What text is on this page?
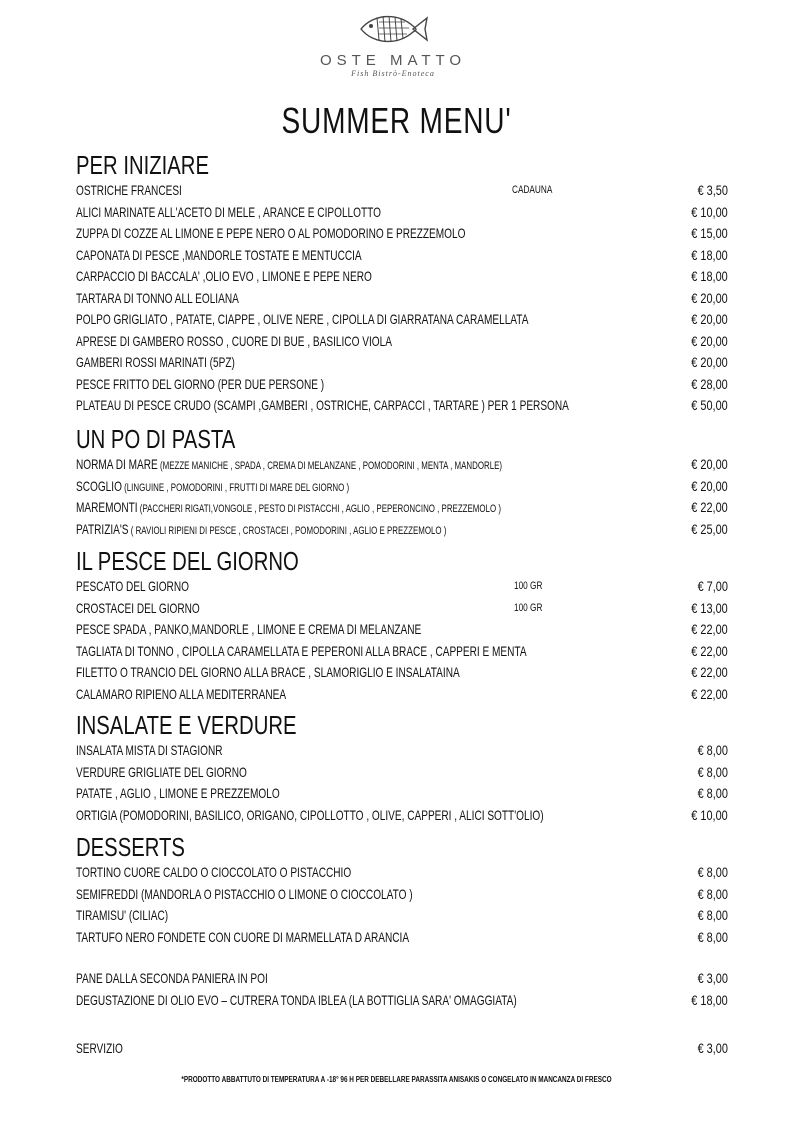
OSTE MATTO
Fish Bistrò-Enoteca
SUMMER MENU'
PER INIZIARE
OSTRICHE FRANCESI	CADAUNA	€ 3,50
ALICI MARINATE ALL'ACETO DI MELE , ARANCE E CIPOLLOTTO	€ 10,00
ZUPPA DI COZZE AL LIMONE E PEPE NERO O AL POMODORINO E PREZZEMOLO	€ 15,00
CAPONATA DI PESCE ,MANDORLE TOSTATE E MENTUCCIA	€ 18,00
CARPACCIO DI BACCALA' ,OLIO EVO , LIMONE E PEPE NERO	€ 18,00
TARTARA DI TONNO ALL EOLIANA	€ 20,00
POLPO GRIGLIATO , PATATE, CIAPPE , OLIVE NERE , CIPOLLA DI GIARRATANA CARAMELLATA	€ 20,00
APRESE DI GAMBERO ROSSO , CUORE DI BUE , BASILICO VIOLA	€ 20,00
GAMBERI ROSSI MARINATI (5PZ)	€ 20,00
PESCE FRITTO DEL GIORNO (PER DUE PERSONE )	€ 28,00
PLATEAU DI PESCE CRUDO (SCAMPI ,GAMBERI , OSTRICHE, CARPACCI , TARTARE ) PER 1 PERSONA	€ 50,00
UN PO DI PASTA
NORMA DI MARE (MEZZE MANICHE , SPADA , CREMA DI MELANZANE , POMODORINI , MENTA , MANDORLE)	€ 20,00
SCOGLIO (LINGUINE , POMODORINI , FRUTTI DI MARE DEL GIORNO )	€ 20,00
MAREMONTI (PACCHERI RIGATI,VONGOLE , PESTO DI PISTACCHI , AGLIO , PEPERONCINO , PREZZEMOLO )	€ 22,00
PATRIZIA'S ( RAVIOLI RIPIENI DI PESCE , CROSTACEI , POMODORINI , AGLIO E PREZZEMOLO )	€ 25,00
IL PESCE DEL GIORNO
PESCATO DEL GIORNO	100 GR	€ 7,00
CROSTACEI DEL GIORNO	100 GR	€ 13,00
PESCE SPADA , PANKO,MANDORLE , LIMONE E CREMA DI MELANZANE	€ 22,00
TAGLIATA DI TONNO , CIPOLLA CARAMELLATA E PEPERONI ALLA BRACE , CAPPERI E MENTA	€ 22,00
FILETTO O TRANCIO DEL GIORNO ALLA BRACE , SLAMORIGLIO E INSALATAINA	€ 22,00
CALAMARO RIPIENO ALLA MEDITERRANEA	€ 22,00
INSALATE E VERDURE
INSALATA MISTA DI STAGIONR	€ 8,00
VERDURE GRIGLIATE DEL GIORNO	€ 8,00
PATATE , AGLIO , LIMONE E PREZZEMOLO	€ 8,00
ORTIGIA (POMODORINI, BASILICO, ORIGANO, CIPOLLOTTO , OLIVE, CAPPERI , ALICI SOTT'OLIO)	€ 10,00
DESSERTS
TORTINO CUORE CALDO O CIOCCOLATO O PISTACCHIO	€ 8,00
SEMIFREDDI (MANDORLA O PISTACCHIO O LIMONE O CIOCCOLATO )	€ 8,00
TIRAMISU' (CILIAC)	€ 8,00
TARTUFO NERO FONDETE CON CUORE DI MARMELLATA D ARANCIA	€ 8,00
PANE DALLA SECONDA PANIERA IN POI	€ 3,00
DEGUSTAZIONE DI OLIO EVO – CUTRERA TONDA IBLEA (LA BOTTIGLIA SARA' OMAGGIATA)	€ 18,00
SERVIZIO	€ 3,00
*PRODOTTO ABBATTUTO DI TEMPERATURA A -18° 96 H PER DEBELLARE PARASSITA ANISAKIS O CONGELATO IN MANCANZA DI FRESCO
